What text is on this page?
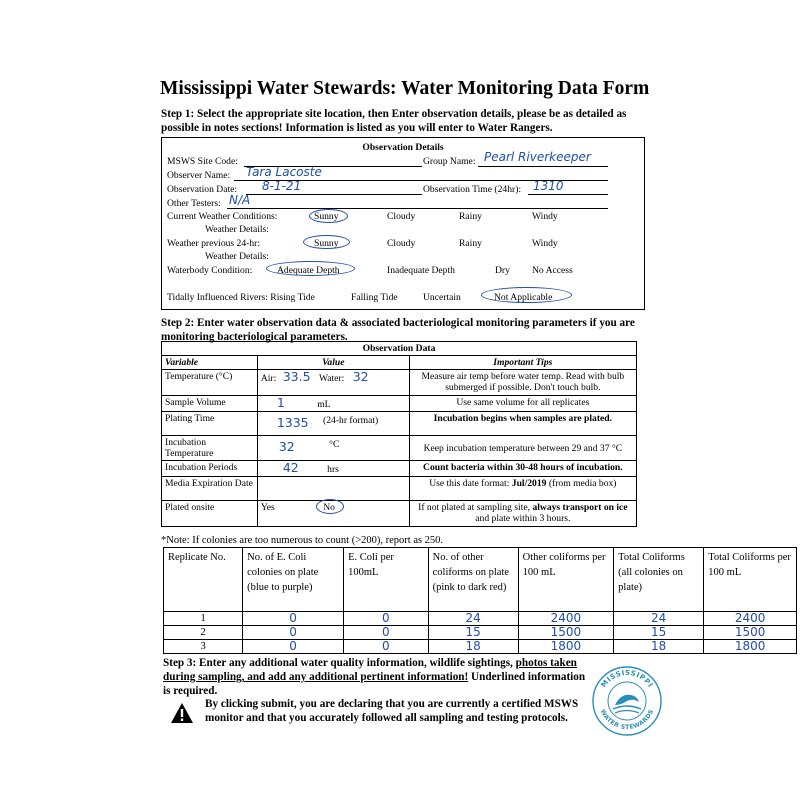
Mississippi Water Stewards: Water Monitoring Data Form
Step 1: Select the appropriate site location, then Enter observation details, please be as detailed as
possible in notes sections! Information is listed as you will enter to Water Rangers.
Observation Details
MSWS Site Code:	Group Name: Pearl Riverkeeper
Observer Name: Tara Lacoste
Observation Date: 8-1-21	Observation Time (24hr): 1310
Other Testers: N/A
Current Weather Conditions:	Sunny	Cloudy	Rainy	Windy
Weather Details:
Weather previous 24-hr:	Sunny	Cloudy	Rainy	Windy
Weather Details:
Waterbody Condition:	Adequate Depth	Inadequate Depth	Dry No Access
Tidally Influenced Rivers: Rising Tide	Falling Tide	Uncertain	Not Applicable
Step 2: Enter water observation data & associated bacteriological monitoring parameters if you are
monitoring bacteriological parameters.
Observation Data		
Variable	Value	Important Tips
Temperature (°C)	Air: 33.5 Water: 32	Measure air temp before water temp. Read with bulb submerged if possible. Don't touch bulb.
Sample Volume	1 mL	Use same volume for all replicates
Plating Time	1335 (24-hr format)	Incubation begins when samples are plated.
Incubation Temperature	32 °C	Keep incubation temperature between 29 and 37 °C
Incubation Periods	42 hrs	Count bacteria within 30-48 hours of incubation.
Media Expiration Date		Use this date format: Jul/2019 (from media box)
Plated onsite	Yes No	If not plated at sampling site, always transport on ice and plate within 3 hours.
*Note: If colonies are too numerous to count (>200), report as 250.
Replicate No.	No. of E. Coli colonies on plate (blue to purple)	E. Coli per 100mL	No. of other coliforms on plate (pink to dark red)	Other coliforms per 100 mL	Total Coliforms (all colonies on plate)	Total Coliforms per 100 mL
1	0	0	24	2400	24	2400
2	0	0	15	1500	15	1500
3	0	0	18	1800	18	1800
Step 3: Enter any additional water quality information, wildlife sightings, photos taken
during sampling, and add any additional pertinent information! Underlined information
is required.
By clicking submit, you are declaring that you are currently a certified MSWS
monitor and that you accurately followed all sampling and testing protocols.
MISSISSIPPI
WATER STEWARDS
